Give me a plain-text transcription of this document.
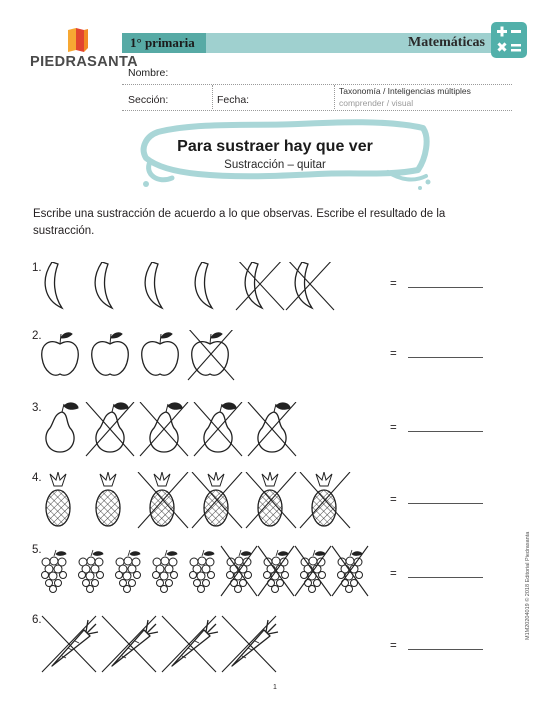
PIEDRASANTA
1° primaria	Matemáticas
Nombre:
Sección:	Fecha:
Taxonomía / Inteligencias múltiples
comprender / visual
Para sustraer hay que ver
Sustracción – quitar
Escribe una sustracción de acuerdo a lo que observas. Escribe el resultado de la sustracción.
1.
=
2.
=
3.
=
4.
=
5.
=
6.
=
1
M1M20204019 © 2018 Editorial Piedrasanta
